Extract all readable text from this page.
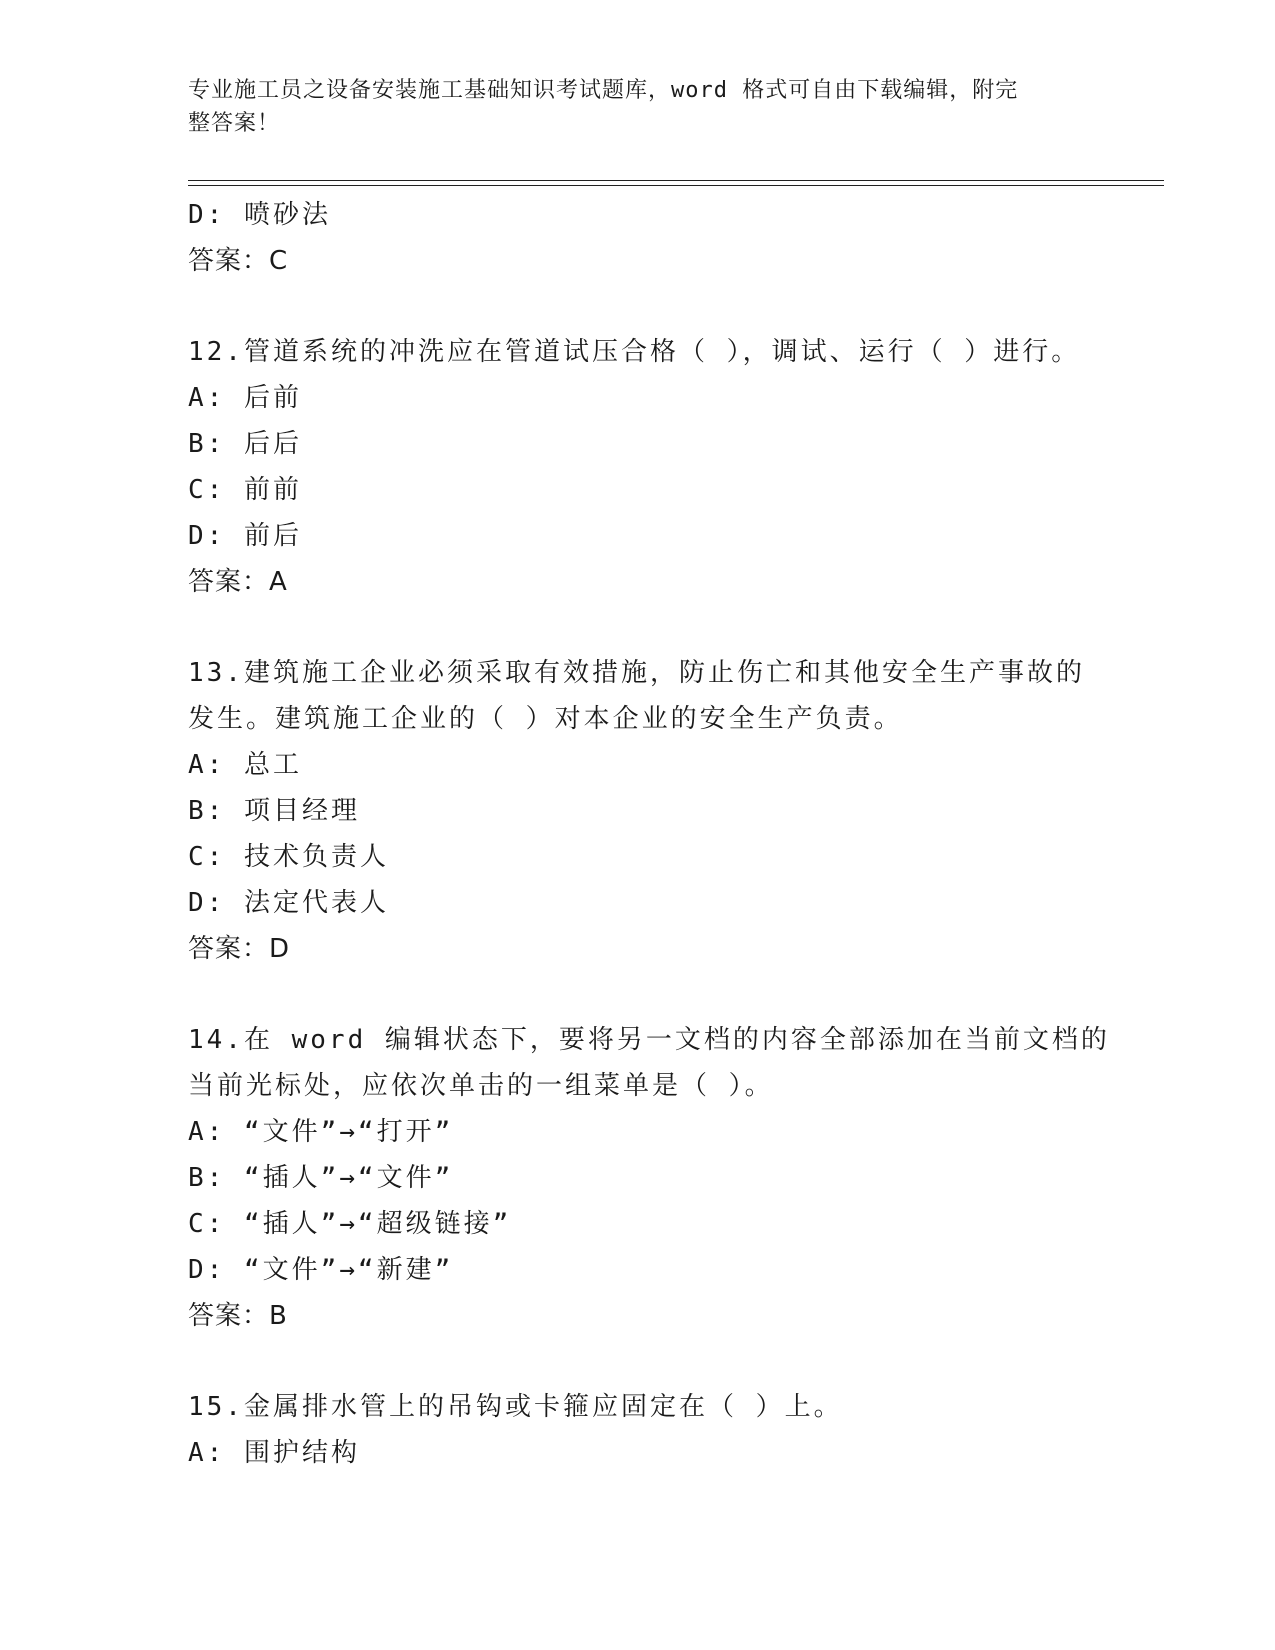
专业施工员之设备安装施工基础知识考试题库，word 格式可自由下载编辑，附完
整答案！
D: 喷砂法
答案：C
12.管道系统的冲洗应在管道试压合格（ ），调试、运行（ ）进行。
A: 后前
B: 后后
C: 前前
D: 前后
答案：A
13.建筑施工企业必须采取有效措施，防止伤亡和其他安全生产事故的
发生。建筑施工企业的（ ）对本企业的安全生产负责。
A: 总工
B: 项目经理
C: 技术负责人
D: 法定代表人
答案：D
14.在 word 编辑状态下，要将另一文档的内容全部添加在当前文档的
当前光标处，应依次单击的一组菜单是（ ）。
A: “文件”→“打开”
B: “插人”→“文件”
C: “插人”→“超级链接”
D: “文件”→“新建”
答案：B
15.金属排水管上的吊钩或卡箍应固定在（ ）上。
A: 围护结构
